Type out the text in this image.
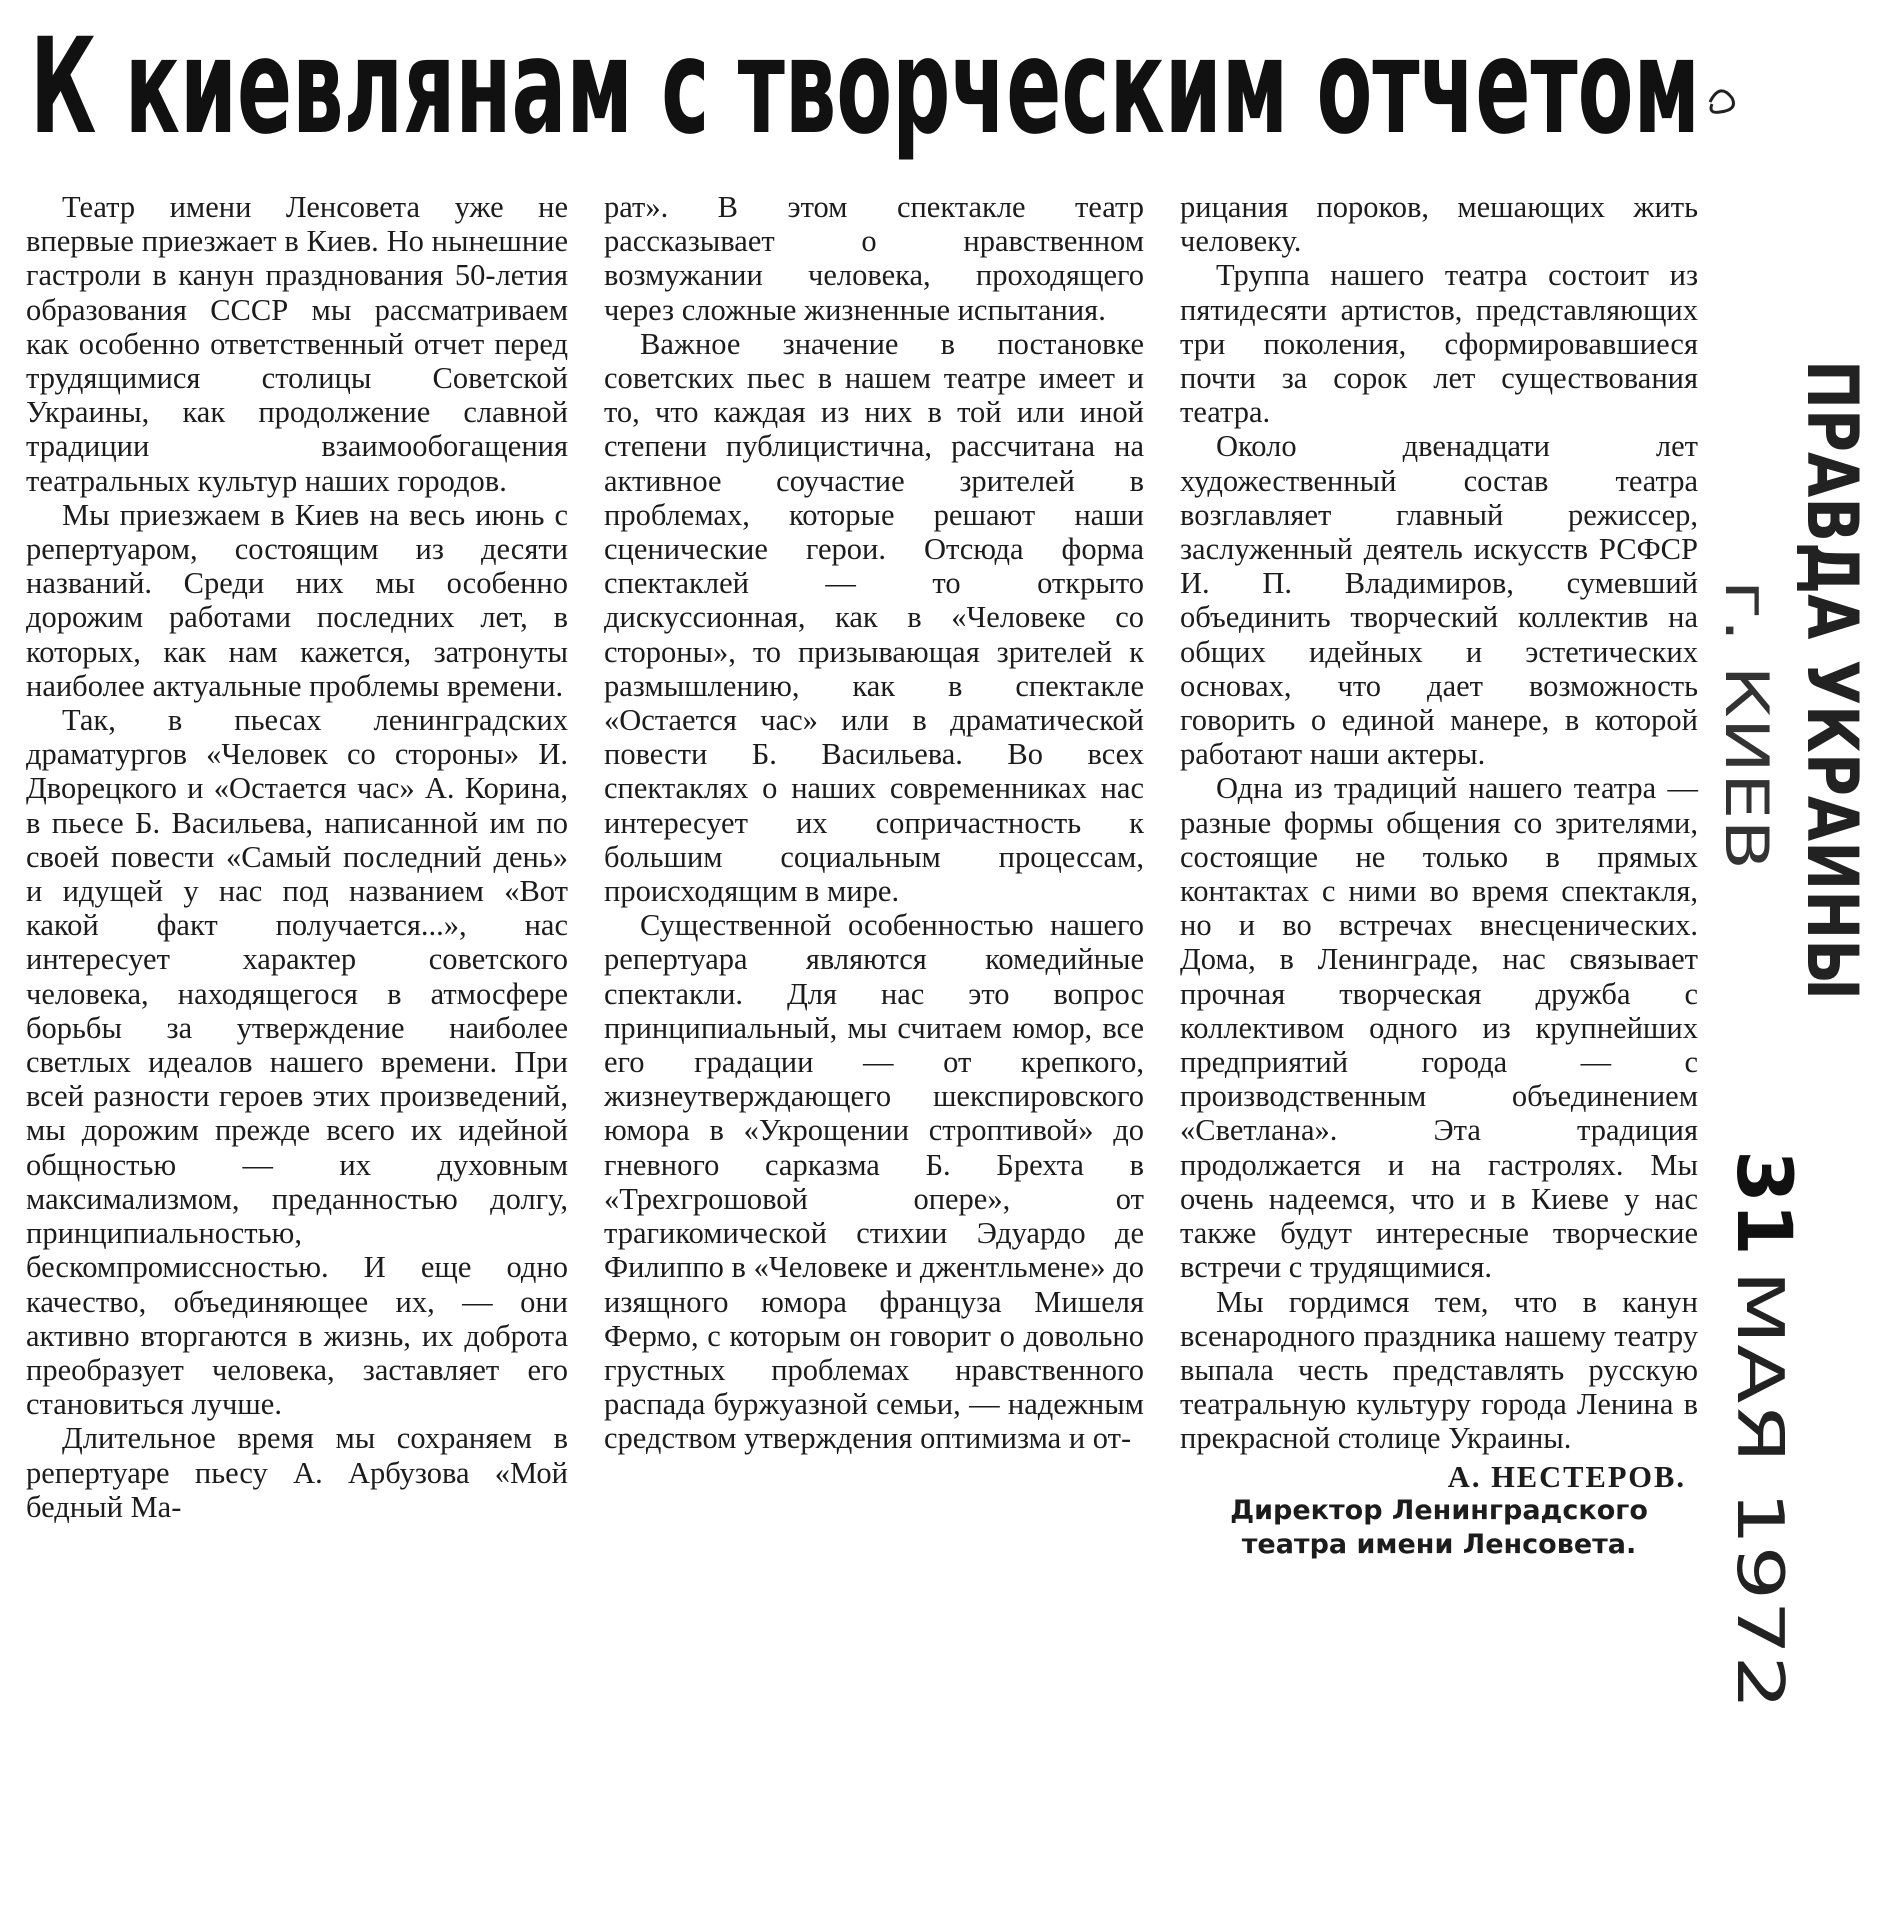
К киевлянам с творческим отчетом

Театр имени Ленсовета уже не впервые приезжает в Киев. Но нынешние гастроли в канун празднования 50-летия образования СССР мы рассматриваем как особенно ответственный отчет перед трудящимися столицы Советской Украины, как продолжение славной традиции взаимообогащения театральных культур наших городов.

Мы приезжаем в Киев на весь июнь с репертуаром, состоящим из десяти названий. Среди них мы особенно дорожим работами последних лет, в которых, как нам кажется, затронуты наиболее актуальные проблемы времени.

Так, в пьесах ленинградских драматургов «Человек со стороны» И. Дворецкого и «Остается час» А. Корина, в пьесе Б. Васильева, написанной им по своей повести «Самый последний день» и идущей у нас под названием «Вот какой факт получается...», нас интересует характер советского человека, находящегося в атмосфере борьбы за утверждение наиболее светлых идеалов нашего времени. При всей разности героев этих произведений, мы дорожим прежде всего их идейной общностью — их духовным максимализмом, преданностью долгу, принципиальностью, бескомпромиссностью. И еще одно качество, объединяющее их, — они активно вторгаются в жизнь, их доброта преобразует человека, заставляет его становиться лучше.

Длительное время мы сохраняем в репертуаре пьесу А. Арбузова «Мой бедный Ма-

рат». В этом спектакле театр рассказывает о нравственном возмужании человека, проходящего через сложные жизненные испытания.

Важное значение в постановке советских пьес в нашем театре имеет и то, что каждая из них в той или иной степени публицистична, рассчитана на активное соучастие зрителей в проблемах, которые решают наши сценические герои. Отсюда форма спектаклей — то открыто дискуссионная, как в «Человеке со стороны», то призывающая зрителей к размышлению, как в спектакле «Остается час» или в драматической повести Б. Васильева. Во всех спектаклях о наших современниках нас интересует их сопричастность к большим социальным процессам, происходящим в мире.

Существенной особенностью нашего репертуара являются комедийные спектакли. Для нас это вопрос принципиальный, мы считаем юмор, все его градации — от крепкого, жизнеутверждающего шекспировского юмора в «Укрощении строптивой» до гневного сарказма Б. Брехта в «Трехгрошовой опере», от трагикомической стихии Эдуардо де Филиппо в «Человеке и джентльмене» до изящного юмора француза Мишеля Фермо, с которым он говорит о довольно грустных проблемах нравственного распада буржуазной семьи, — надежным средством утверждения оптимизма и от-

рицания пороков, мешающих жить человеку.

Труппа нашего театра состоит из пятидесяти артистов, представляющих три поколения, сформировавшиеся почти за сорок лет существования театра.

Около двенадцати лет художественный состав театра возглавляет главный режиссер, заслуженный деятель искусств РСФСР И. П. Владимиров, сумевший объединить творческий коллектив на общих идейных и эстетических основах, что дает возможность говорить о единой манере, в которой работают наши актеры.

Одна из традиций нашего театра — разные формы общения со зрителями, состоящие не только в прямых контактах с ними во время спектакля, но и во встречах внесценических. Дома, в Ленинграде, нас связывает прочная творческая дружба с коллективом одного из крупнейших предприятий города — с производственным объединением «Светлана». Эта традиция продолжается и на гастролях. Мы очень надеемся, что и в Киеве у нас также будут интересные творческие встречи с трудящимися.

Мы гордимся тем, что в канун всенародного праздника нашему театру выпала честь представлять русскую театральную культуру города Ленина в прекрасной столице Украины.

А. НЕСТЕРОВ.

Директор Ленинградского театра имени Ленсовета.

ПРАВДА УКРАИНЫ
г. КИЕВ
31
МАЯ 1972
